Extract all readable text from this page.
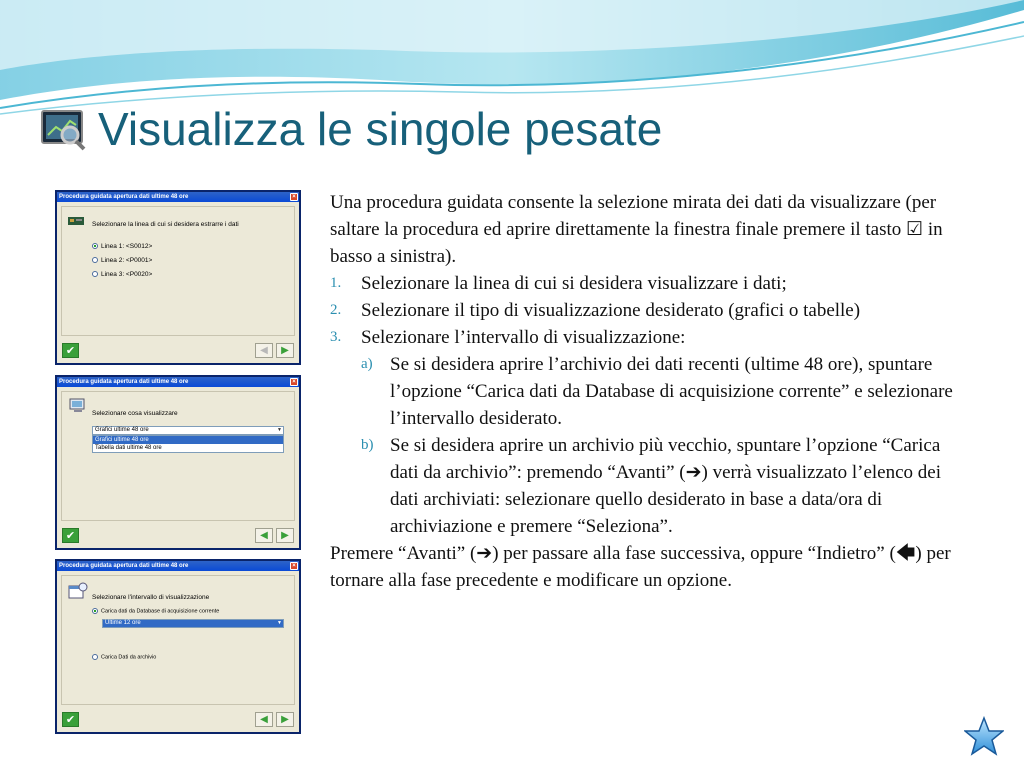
Visualizza le singole pesate
Procedura guidata apertura dati ultime 48 ore	×
Selezionare la linea di cui si desidera estrarre i dati
Linea 1: <S0012>
Linea 2: <P0001>
Linea 3: <P0020>
✔	◀	▶
Procedura guidata apertura dati ultime 48 ore	×
Selezionare cosa visualizzare
Grafici ultime 48 ore	▼
Grafici ultime 48 ore
Tabella dati ultime 48 ore
✔	◀	▶
Procedura guidata apertura dati ultime 48 ore	×
Selezionare l'intervallo di visualizzazione
Carica dati da Database di acquisizione corrente
Ultime 12 ore	▼
Carica Dati da archivio
✔	◀	▶

Una procedura guidata consente la selezione mirata dei dati da visualizzare (per saltare la procedura ed aprire direttamente la finestra finale premere il tasto ☑ in basso a sinistra).

1. Selezionare la linea di cui si desidera visualizzare i dati;
2. Selezionare il tipo di visualizzazione desiderato (grafici o tabelle)
3. Selezionare l’intervallo di visualizzazione:
a) Se si desidera aprire l’archivio dei dati recenti (ultime 48 ore), spuntare l’opzione “Carica dati da Database di acquisizione corrente” e selezionare l’intervallo desiderato.
b) Se si desidera aprire un archivio più vecchio, spuntare l’opzione “Carica dati da archivio”: premendo “Avanti” (➔) verrà visualizzato l’elenco dei dati archiviati: selezionare quello desiderato in base a data/ora di archiviazione e premere “Seleziona”.

Premere “Avanti” (➔) per passare alla fase successiva, oppure “Indietro” (🡄) per tornare alla fase precedente e modificare un opzione.
